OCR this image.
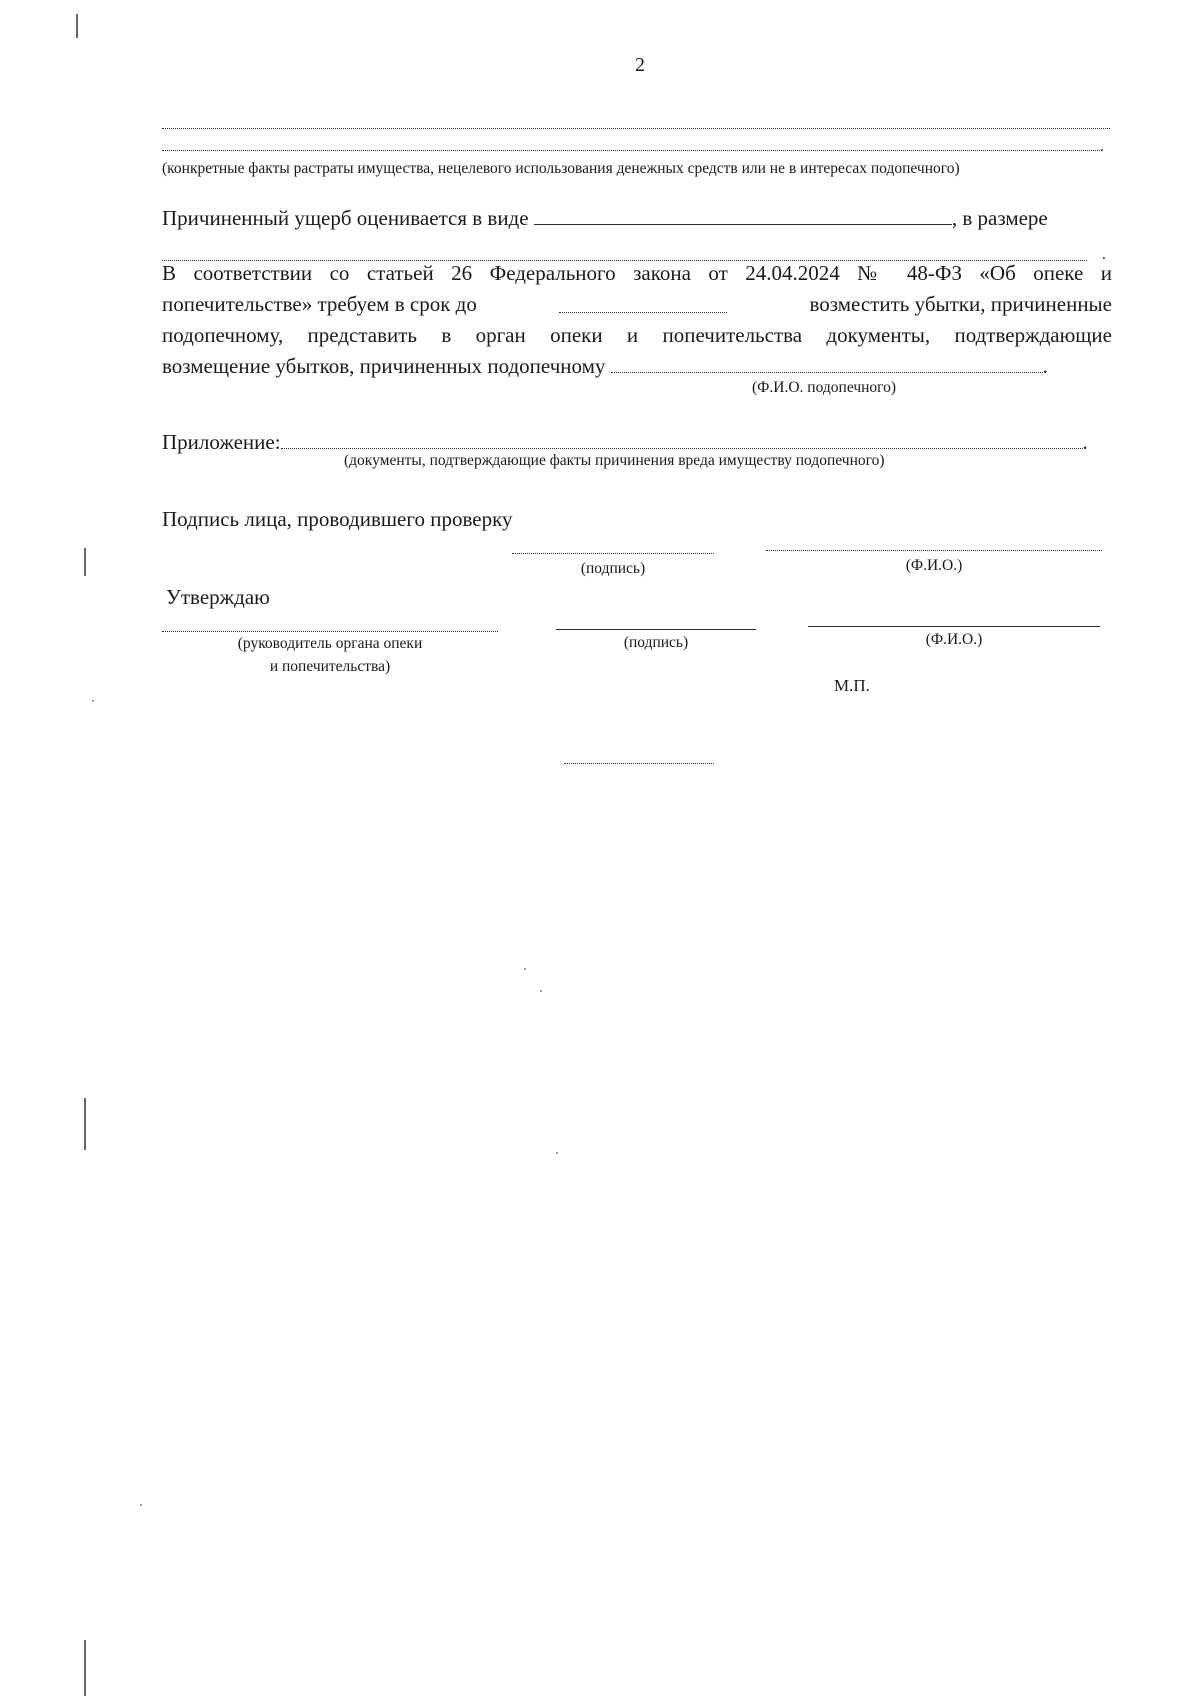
2
.
(конкретные факты растраты имущества, нецелевого использования денежных средств или не в интересах подопечного)
Причиненный ущерб оценивается в виде	, в размере
.
В соответствии со статьей 26 Федерального закона от 24.04.2024 № 48-ФЗ «Об опеке и
попечительстве» требуем в срок до	возместить убытки, причиненные
подопечному, представить в орган опеки и попечительства документы, подтверждающие
возмещение убытков, причиненных подопечному	.
(Ф.И.О. подопечного)
Приложение:	.
(документы, подтверждающие факты причинения вреда имуществу подопечного)
Подпись лица, проводившего проверку
(подпись)	(Ф.И.О.)
Утверждаю
(руководитель органа опеки
и попечительства)
(подпись)	(Ф.И.О.)
М.П.
